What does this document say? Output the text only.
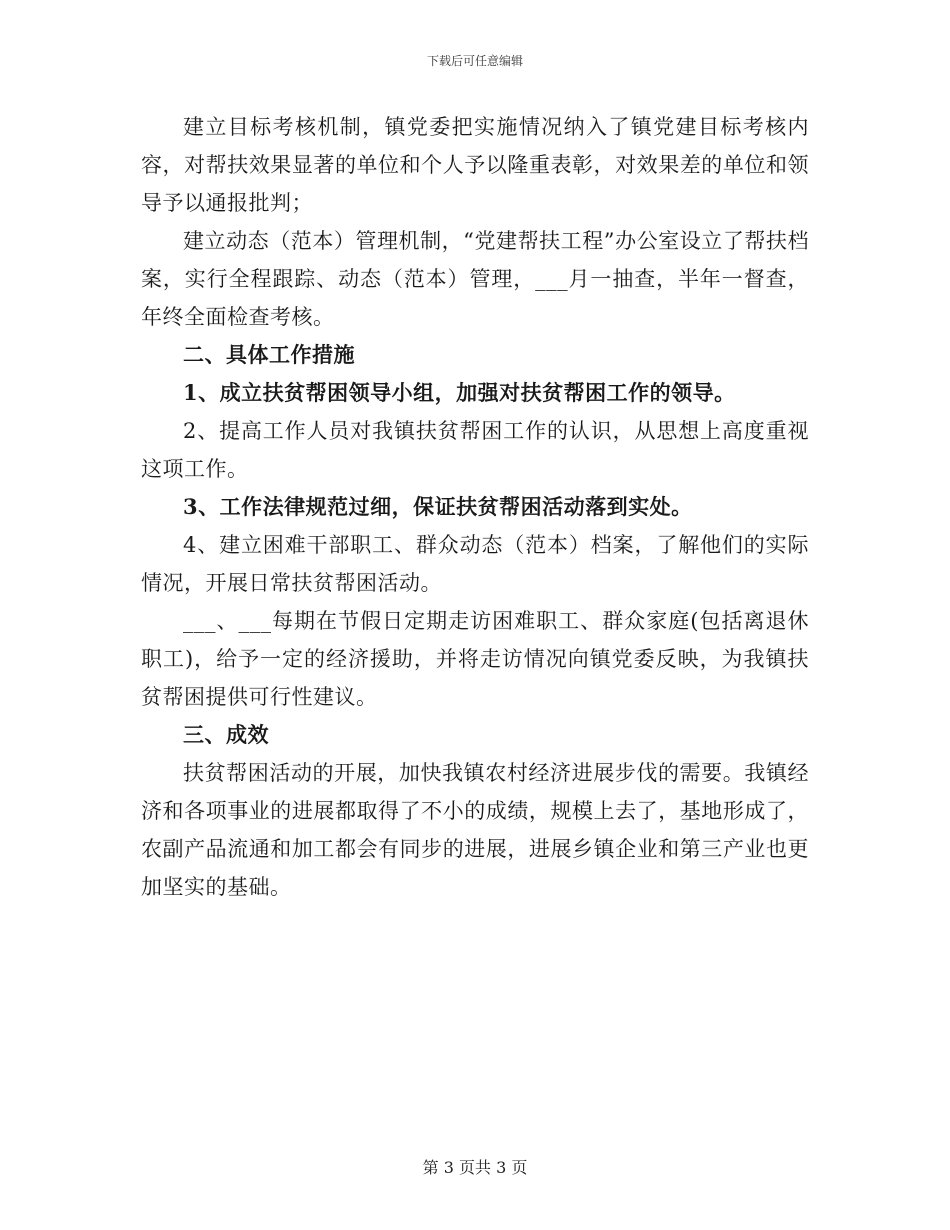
下载后可任意编辑

建立目标考核机制，镇党委把实施情况纳入了镇党建目标考核内容，对帮扶效果显著的单位和个人予以隆重表彰，对效果差的单位和领导予以通报批判；

建立动态（范本）管理机制，“党建帮扶工程”办公室设立了帮扶档案，实行全程跟踪、动态（范本）管理，___月一抽查，半年一督查，年终全面检查考核。

二、具体工作措施

1、成立扶贫帮困领导小组，加强对扶贫帮困工作的领导。

2、提高工作人员对我镇扶贫帮困工作的认识，从思想上高度重视这项工作。

3、工作法律规范过细，保证扶贫帮困活动落到实处。

4、建立困难干部职工、群众动态（范本）档案，了解他们的实际情况，开展日常扶贫帮困活动。

___、___每期在节假日定期走访困难职工、群众家庭(包括离退休职工)，给予一定的经济援助，并将走访情况向镇党委反映，为我镇扶贫帮困提供可行性建议。

三、成效

扶贫帮困活动的开展，加快我镇农村经济进展步伐的需要。我镇经济和各项事业的进展都取得了不小的成绩，规模上去了，基地形成了，农副产品流通和加工都会有同步的进展，进展乡镇企业和第三产业也更加坚实的基础。

第 3 页共 3 页
